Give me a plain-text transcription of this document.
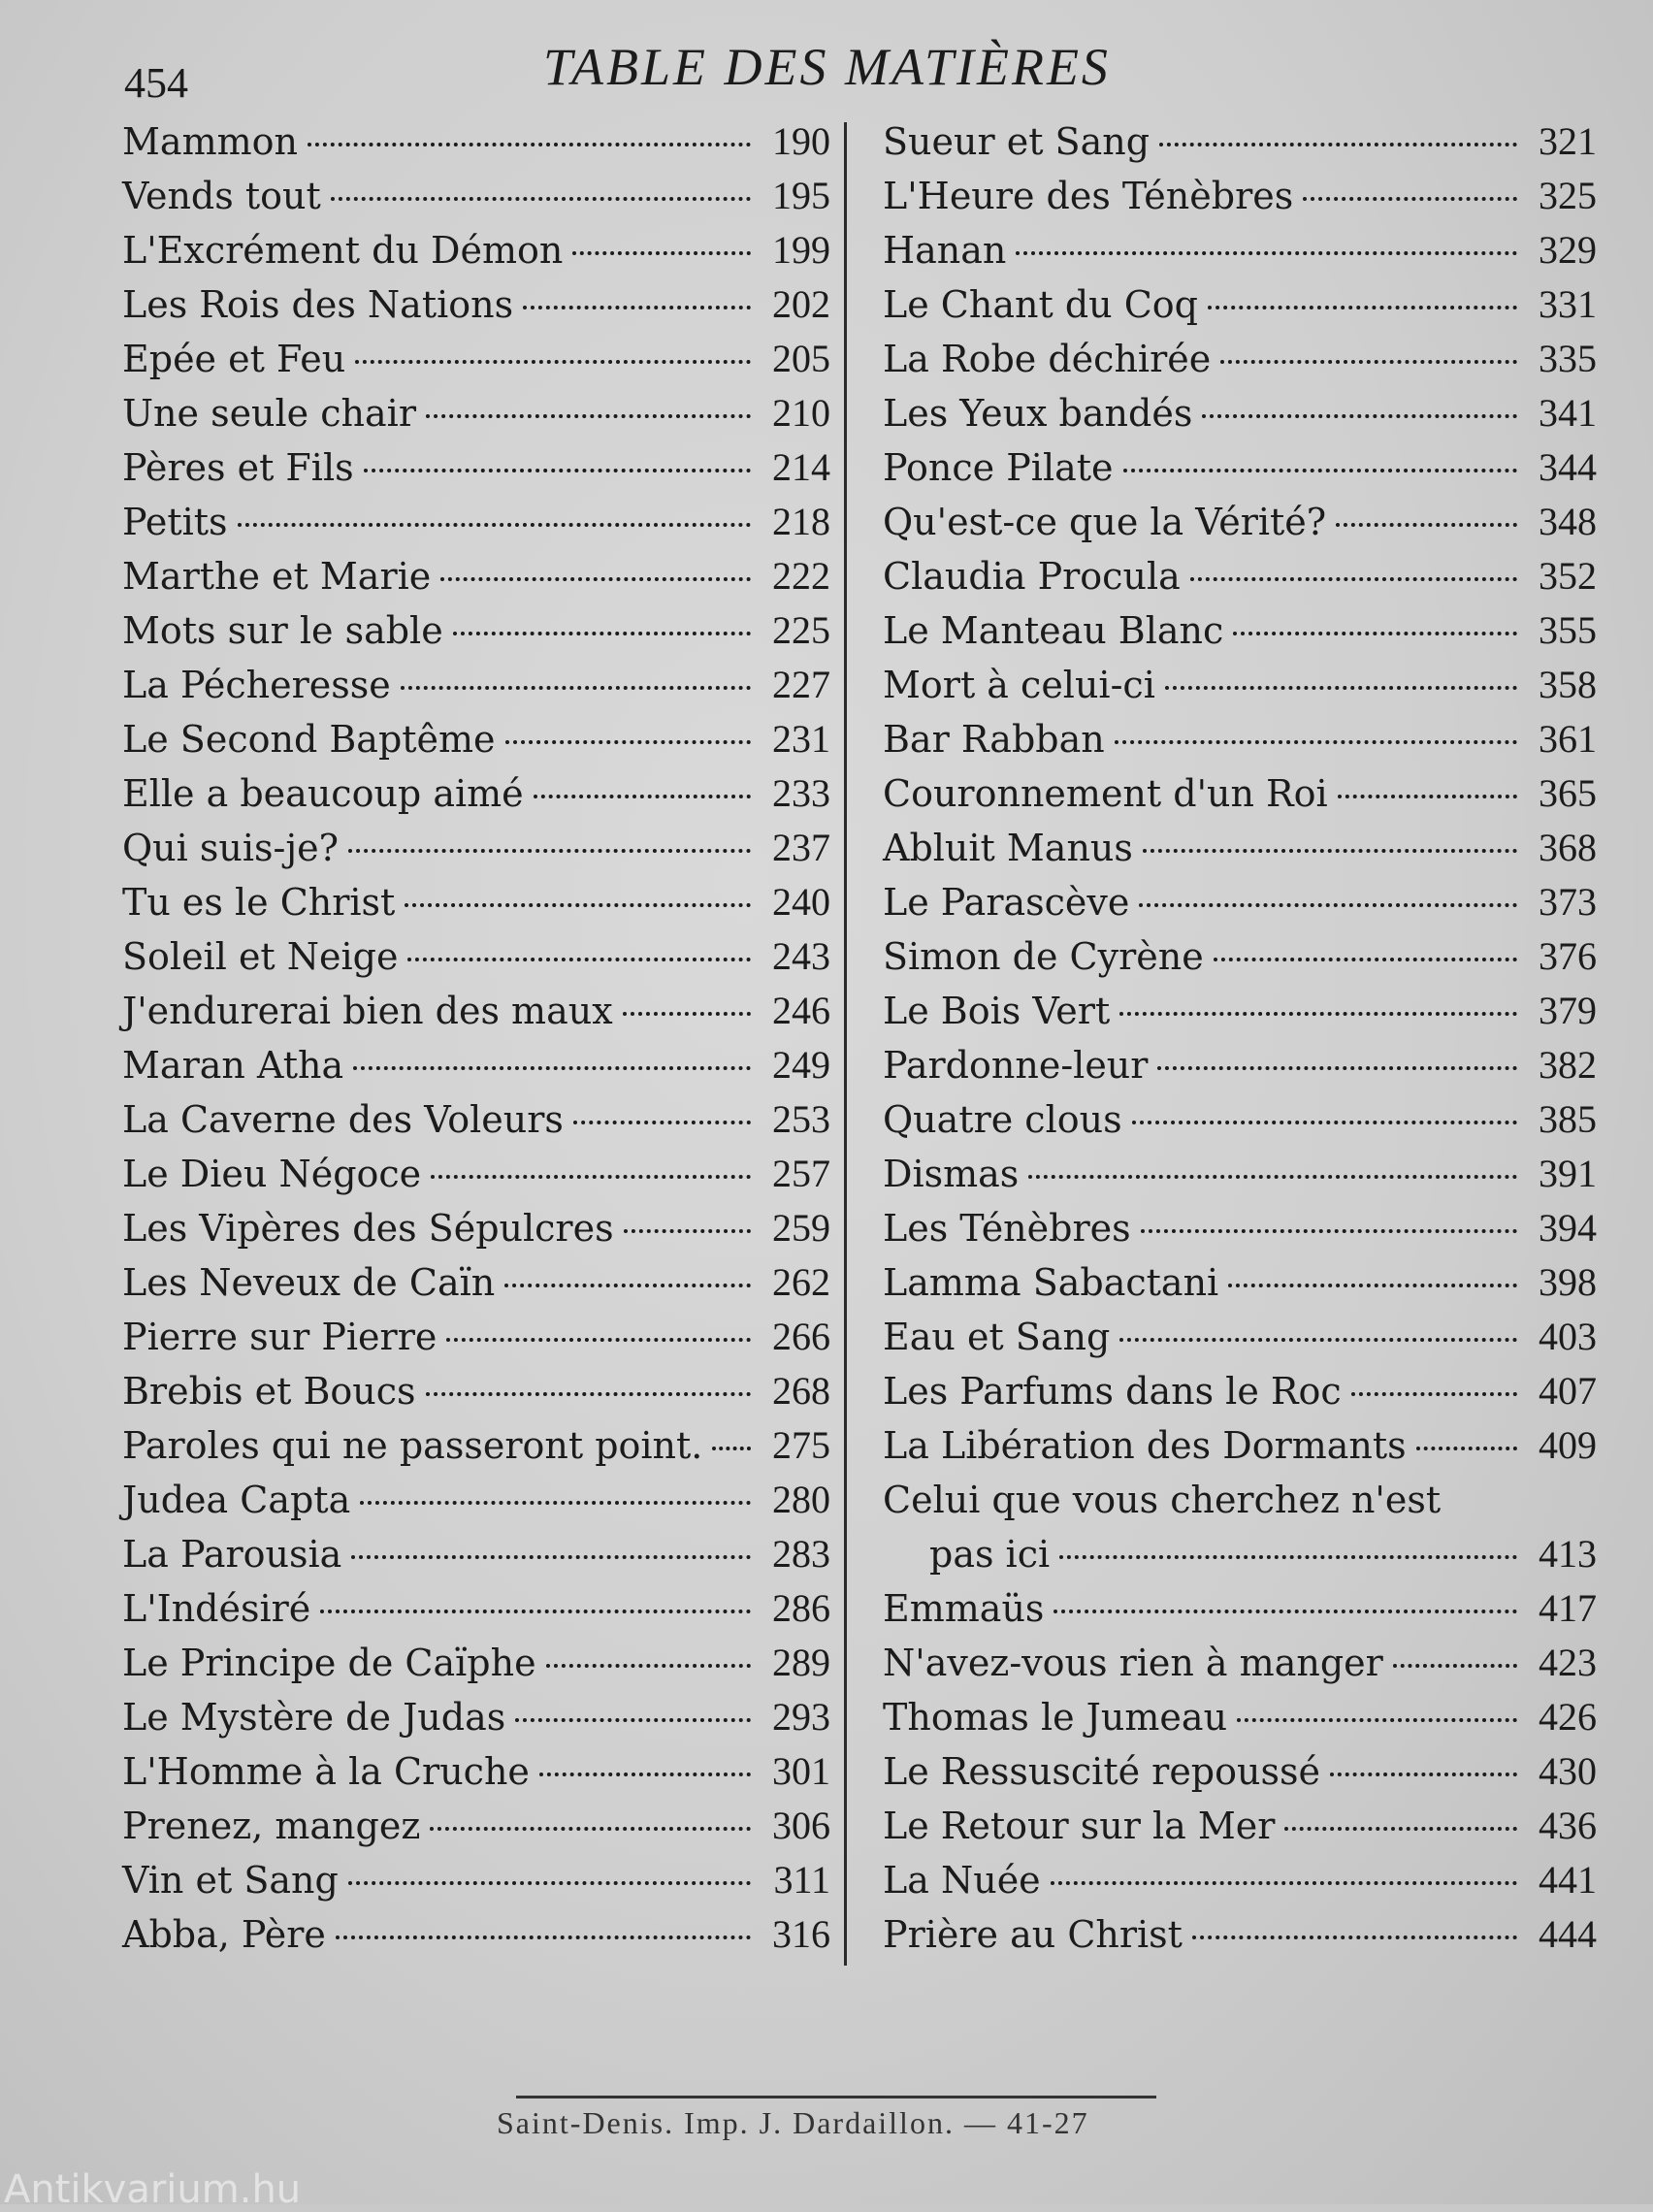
454	TABLE DES MATIÈRES
Mammon	190
Vends tout	195
L'Excrément du Démon	199
Les Rois des Nations	202
Epée et Feu	205
Une seule chair	210
Pères et Fils	214
Petits	218
Marthe et Marie	222
Mots sur le sable	225
La Pécheresse	227
Le Second Baptême	231
Elle a beaucoup aimé	233
Qui suis-je?	237
Tu es le Christ	240
Soleil et Neige	243
J'endurerai bien des maux	246
Maran Atha	249
La Caverne des Voleurs	253
Le Dieu Négoce	257
Les Vipères des Sépulcres	259
Les Neveux de Caïn	262
Pierre sur Pierre	266
Brebis et Boucs	268
Paroles qui ne passeront point.	275
Judea Capta	280
La Parousia	283
L'Indésiré	286
Le Principe de Caïphe	289
Le Mystère de Judas	293
L'Homme à la Cruche	301
Prenez, mangez	306
Vin et Sang	311
Abba, Père	316
Sueur et Sang	321
L'Heure des Ténèbres	325
Hanan	329
Le Chant du Coq	331
La Robe déchirée	335
Les Yeux bandés	341
Ponce Pilate	344
Qu'est-ce que la Vérité?	348
Claudia Procula	352
Le Manteau Blanc	355
Mort à celui-ci	358
Bar Rabban	361
Couronnement d'un Roi	365
Abluit Manus	368
Le Parascève	373
Simon de Cyrène	376
Le Bois Vert	379
Pardonne-leur	382
Quatre clous	385
Dismas	391
Les Ténèbres	394
Lamma Sabactani	398
Eau et Sang	403
Les Parfums dans le Roc	407
La Libération des Dormants	409
Celui que vous cherchez n'est
pas ici	413
Emmaüs	417
N'avez-vous rien à manger	423
Thomas le Jumeau	426
Le Ressuscité repoussé	430
Le Retour sur la Mer	436
La Nuée	441
Prière au Christ	444
Saint-Denis. Imp. J. Dardaillon. — 41-27
Antikvarium.hu
